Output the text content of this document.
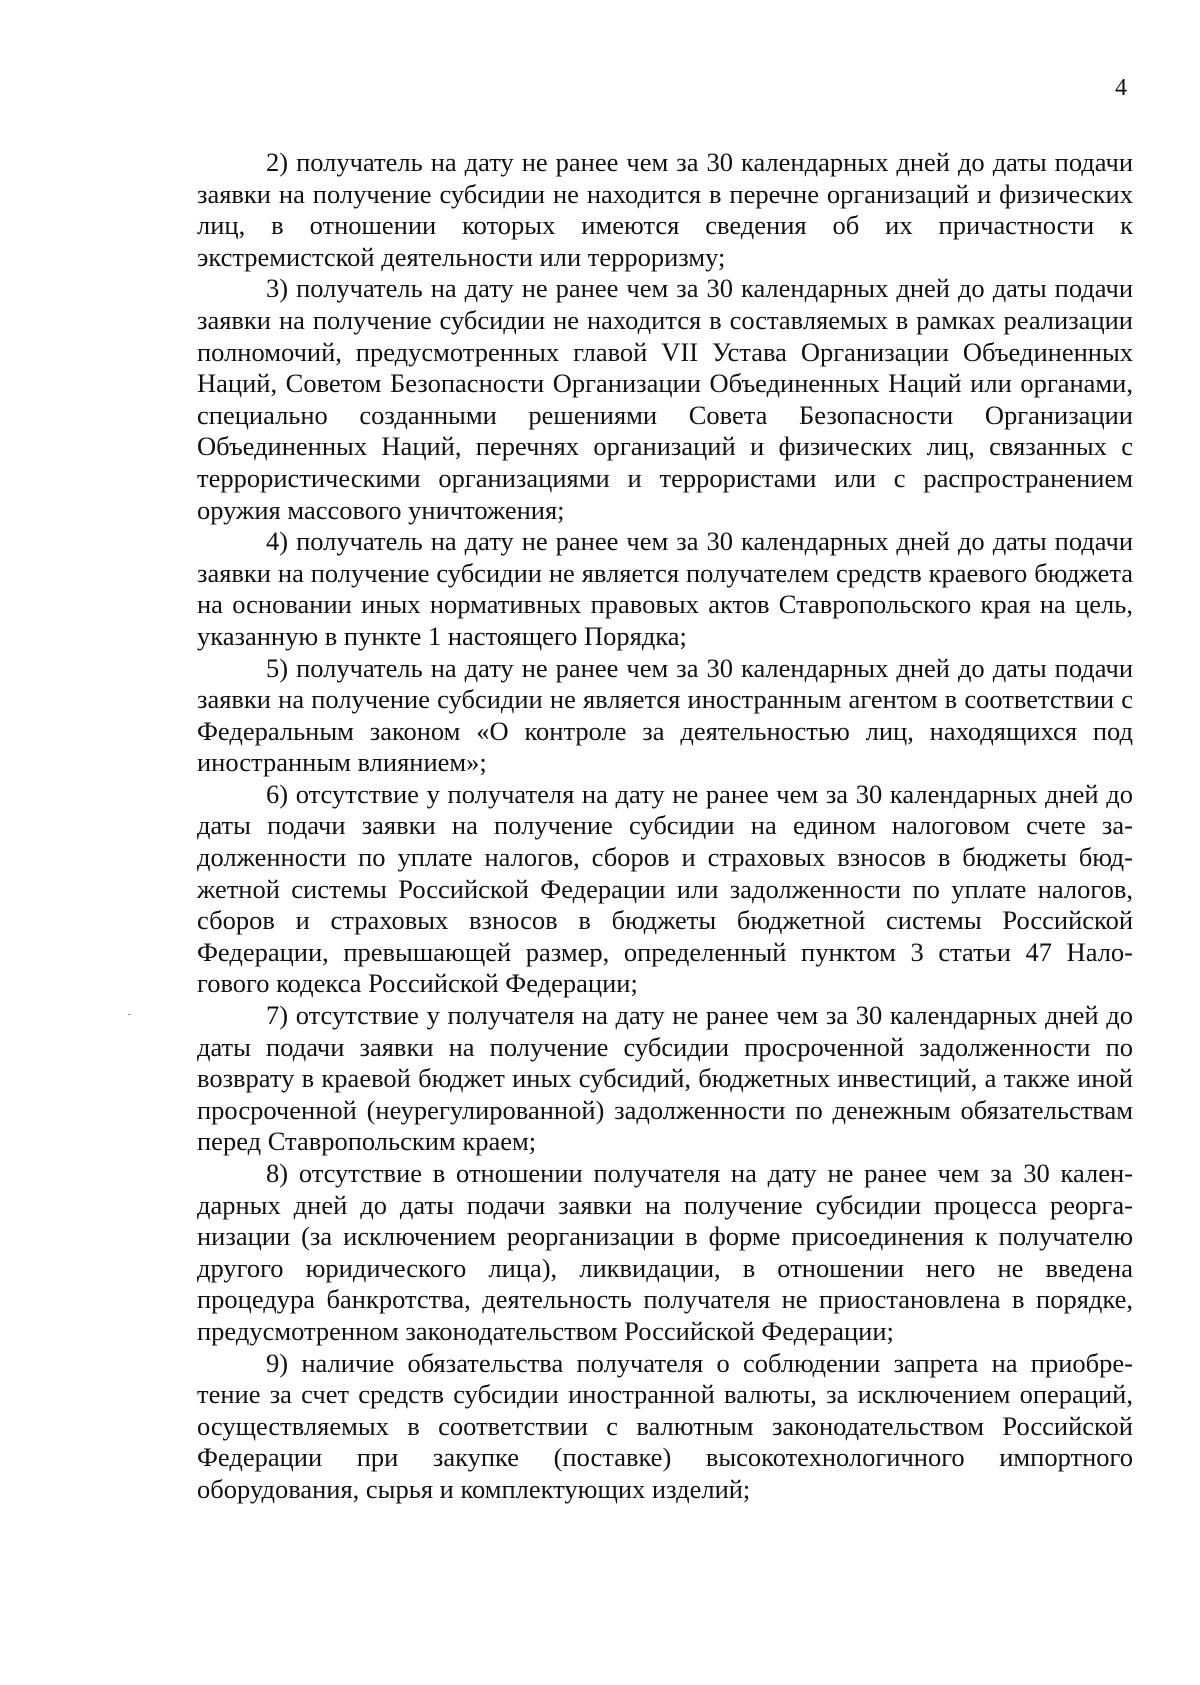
4

2) получатель на дату не ранее чем за 30 календарных дней до даты подачи заявки на получение субсидии не находится в перечне организаций и физических лиц, в отношении которых имеются сведения об их причастности к экстремистской деятельности или терроризму;

3) получатель на дату не ранее чем за 30 календарных дней до даты подачи заявки на получение субсидии не находится в составляемых в рамках реализации полномочий, предусмотренных главой VII Устава Организации Объединенных Наций, Советом Безопасности Организации Объединенных Наций или органами, специально созданными решениями Совета Безопасности Организации Объединенных Наций, перечнях организаций и физических лиц, связанных с террористическими организациями и террористами или с распространением оружия массового уничтожения;

4) получатель на дату не ранее чем за 30 календарных дней до даты подачи заявки на получение субсидии не является получателем средств краевого бюджета на основании иных нормативных правовых актов Ставропольского края на цель, указанную в пункте 1 настоящего Порядка;

5) получатель на дату не ранее чем за 30 календарных дней до даты подачи заявки на получение субсидии не является иностранным агентом в соответствии с Федеральным законом «О контроле за деятельностью лиц, находящихся под иностранным влиянием»;

6) отсутствие у получателя на дату не ранее чем за 30 календарных дней до даты подачи заявки на получение субсидии на едином налоговом счете задолженности по уплате налогов, сборов и страховых взносов в бюджеты бюджетной системы Российской Федерации или задолженности по уплате налогов, сборов и страховых взносов в бюджеты бюджетной системы Российской Федерации, превышающей размер, определенный пунктом 3 статьи 47 Налогового кодекса Российской Федерации;

7) отсутствие у получателя на дату не ранее чем за 30 календарных дней до даты подачи заявки на получение субсидии просроченной задолженности по возврату в краевой бюджет иных субсидий, бюджетных инвестиций, а также иной просроченной (неурегулированной) задолженности по денежным обязательствам перед Ставропольским краем;

8) отсутствие в отношении получателя на дату не ранее чем за 30 календарных дней до даты подачи заявки на получение субсидии процесса реорганизации (за исключением реорганизации в форме присоединения к получателю другого юридического лица), ликвидации, в отношении него не введена процедура банкротства, деятельность получателя не приостановлена в порядке, предусмотренном законодательством Российской Федерации;

9) наличие обязательства получателя о соблюдении запрета на приобретение за счет средств субсидии иностранной валюты, за исключением операций, осуществляемых в соответствии с валютным законодательством Российской Федерации при закупке (поставке) высокотехнологичного импортного оборудования, сырья и комплектующих изделий;
